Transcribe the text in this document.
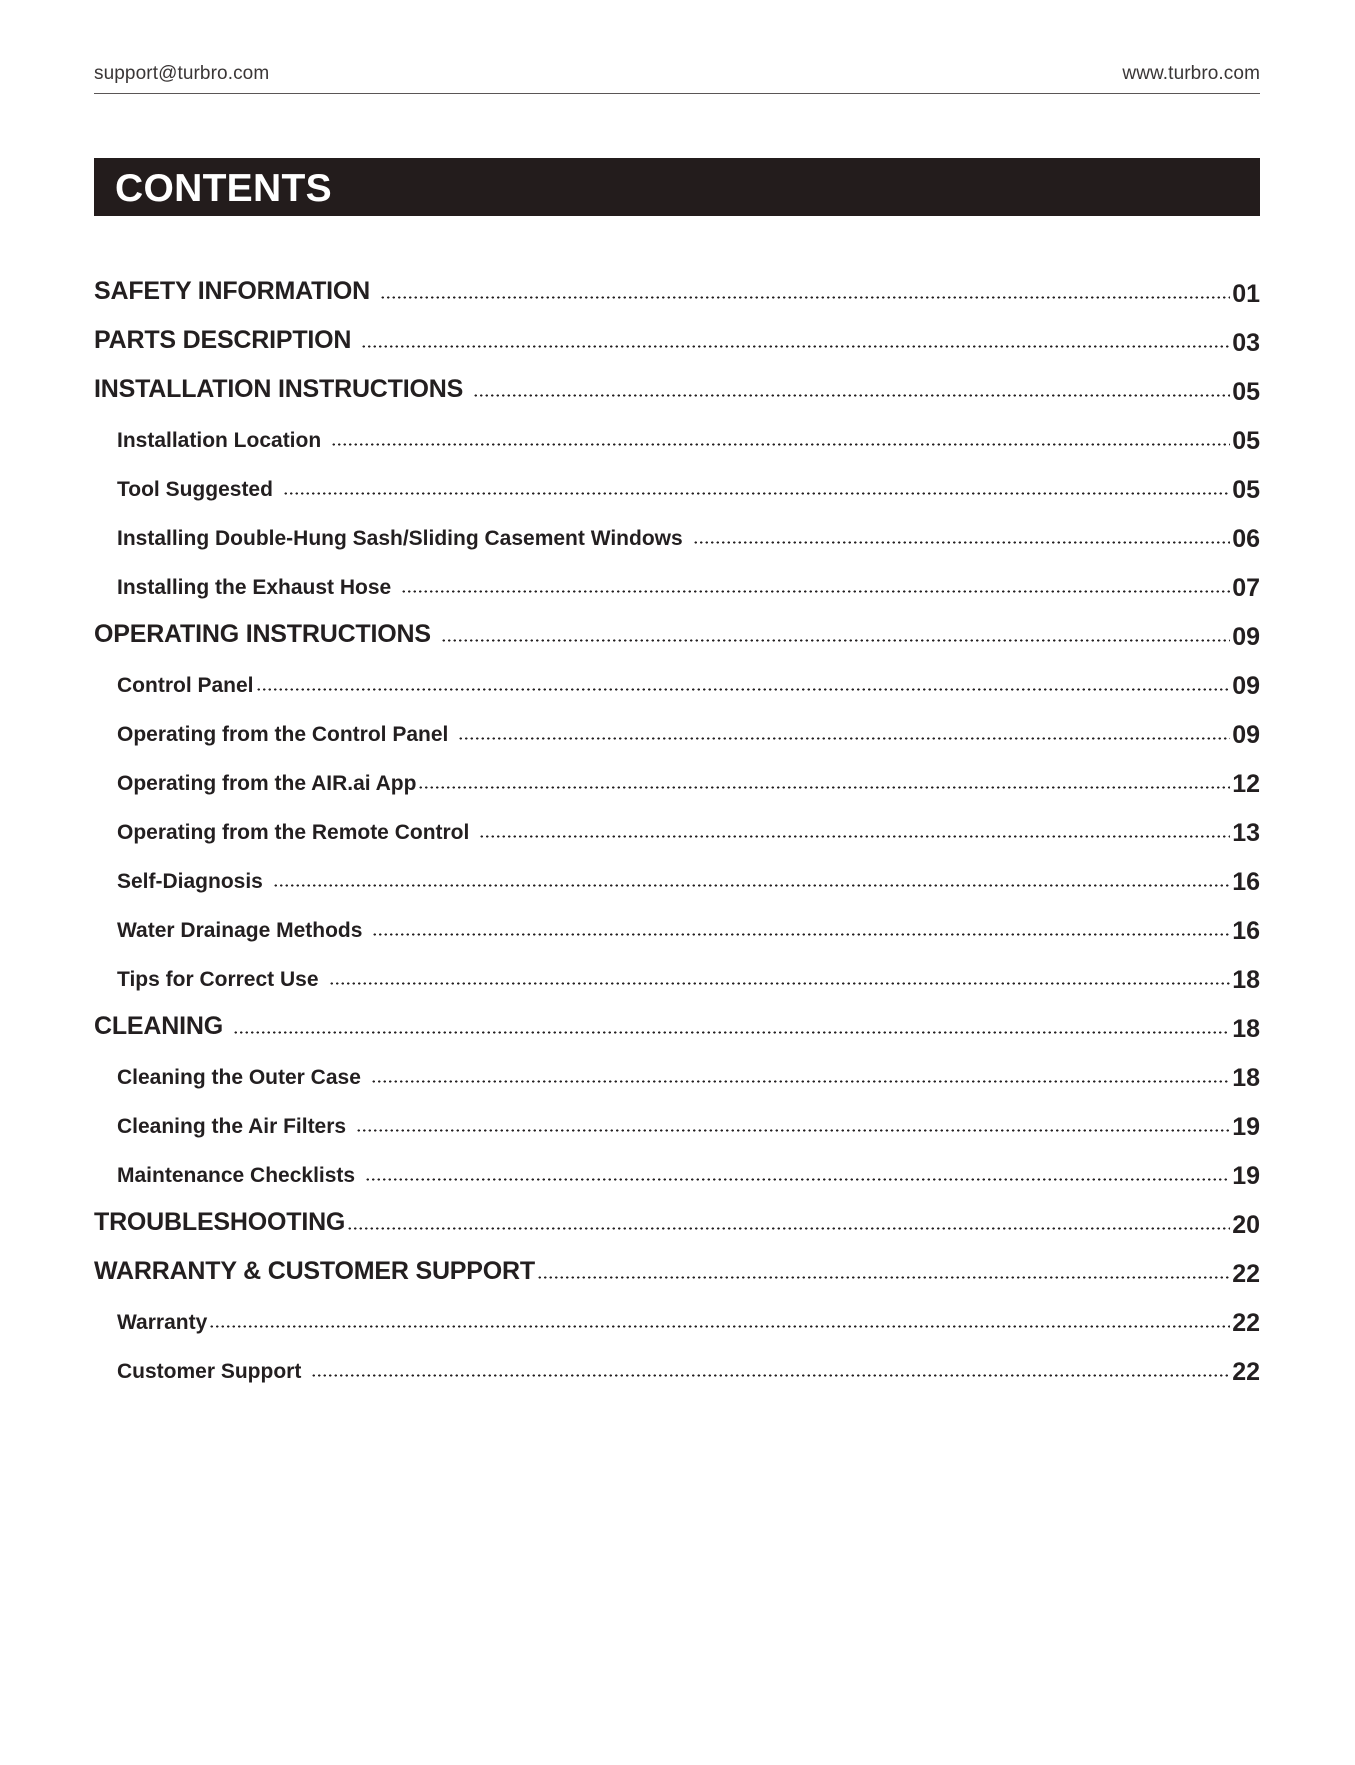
support@turbro.com	www.turbro.com
CONTENTS
SAFETY INFORMATION	01
PARTS DESCRIPTION	03
INSTALLATION INSTRUCTIONS	05
Installation Location	05
Tool Suggested	05
Installing Double-Hung Sash/Sliding Casement Windows	06
Installing the Exhaust Hose	07
OPERATING INSTRUCTIONS	09
Control Panel	09
Operating from the Control Panel	09
Operating from the AIR.ai App	12
Operating from the Remote Control	13
Self-Diagnosis	16
Water Drainage Methods	16
Tips for Correct Use	18
CLEANING	18
Cleaning the Outer Case	18
Cleaning the Air Filters	19
Maintenance Checklists	19
TROUBLESHOOTING	20
WARRANTY & CUSTOMER SUPPORT	22
Warranty	22
Customer Support	22
